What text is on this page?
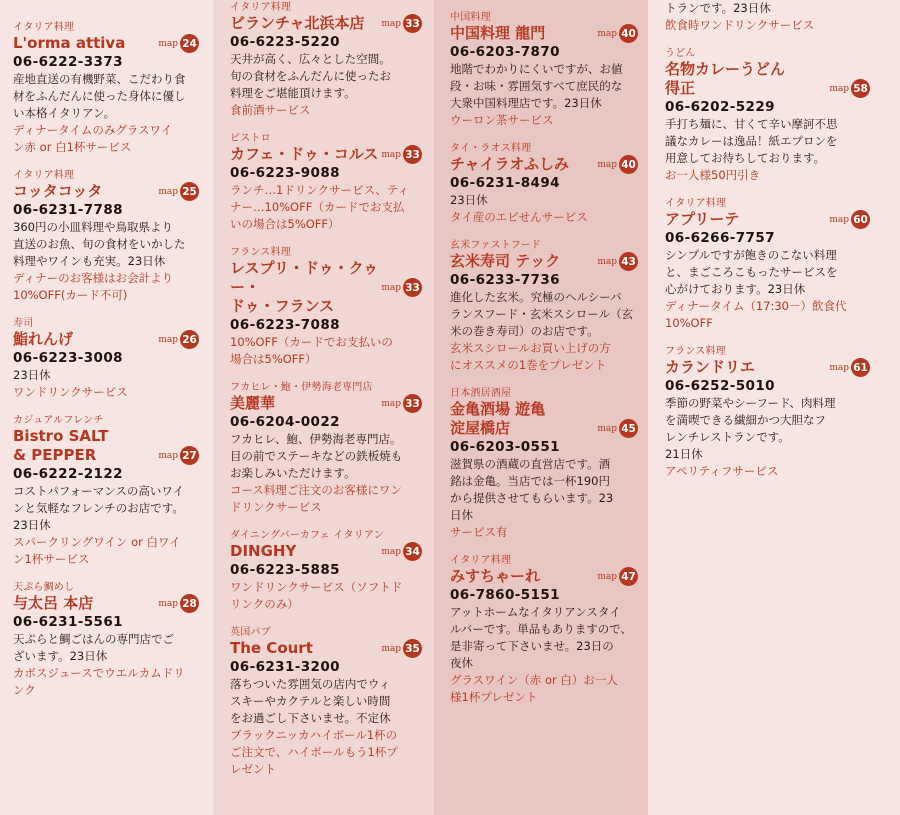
イタリア料理
L'orma attiva	map 24
06-6222-3373
産地直送の有機野菜、こだわり食
材をふんだんに使った身体に優し
い本格イタリアン。
ディナータイムのみグラスワイ
ン赤 or 白1杯サービス
イタリア料理
コッタコッタ	map 25
06-6231-7788
360円の小皿料理や鳥取県より
直送のお魚、旬の食材をいかした
料理やワインも充実。23日休
ディナーのお客様はお会計より
10%OFF(カード不可)
寿司
鮨れんげ	map 26
06-6223-3008
23日休
ワンドリンクサービス
カジュアルフレンチ
Bistro SALT
& PEPPER	map 27
06-6222-2122
コストパフォーマンスの高いワイ
ンと気軽なフレンチのお店です。
23日休
スパークリングワイン or 白ワイ
ン1杯サービス
天ぷら鯛めし
与太呂 本店	map 28
06-6231-5561
天ぷらと鯛ごはんの専門店でご
ざいます。23日休
カボスジュースでウエルカムドリ
ンク
イタリア料理
ビランチャ北浜本店	map 33
06-6223-5220
天井が高く、広々とした空間。
旬の食材をふんだんに使ったお
料理をご堪能頂けます。
食前酒サービス
ビストロ
カフェ・ドゥ・コルス map 33
06-6223-9088
ランチ…1ドリンクサービス、ティ
ナー…10%OFF（カードでお支払
いの場合は5%OFF）
フランス料理
レスプリ・ドゥ・クゥー・
ドゥ・フランス
map 33
06-6223-7088
10%OFF（カードでお支払いの
場合は5%OFF）
フカヒレ・鮑・伊勢海老専門店
美麗華	map 33
06-6204-0022
フカヒレ、鮑、伊勢海老専門店。
目の前でステーキなどの鉄板焼も
お楽しみいただけます。
コース料理ご注文のお客様にワン
ドリンクサービス
ダイニングバーカフェ イタリアン
DINGHY	map 34
06-6223-5885
ワンドリンクサービス（ソフトド
リンクのみ）
英国パブ
The Court	map 35
06-6231-3200
落ちついた雰囲気の店内でウィ
スキーやカクテルと楽しい時間
をお過ごし下さいませ。不定休
ブラックニッカハイボール1杯の
ご注文で、ハイボールもう1杯プ
レゼント
中国料理
中国料理 龍門	map 40
06-6203-7870
地階でわかりにくいですが、お値
段・お味・雰囲気すべて庶民的な
大衆中国料理店です。23日休
ウーロン茶サービス
タイ・ラオス料理
チャイラオふしみ	map 40
06-6231-8494
23日休
タイ産のエビせんサービス
玄米ファストフード
玄米寿司 テック	map 43
06-6233-7736
進化した玄米。究極のヘルシーバ
ランスフード・玄米スシロール（玄
米の巻き寿司）のお店です。
玄米スシロールお買い上げの方
にオススメの1巻をプレゼント
日本酒居酒屋
金亀酒場 遊亀
淀屋橋店	map 45
06-6203-0551
滋賀県の酒蔵の直営店です。酒
銘は金亀。当店では一杯190円
から提供させてもらいます。23
日休
サービス有
イタリア料理
みすちゃーれ	map 47
06-7860-5151
アットホームなイタリアンスタイ
ルバーです。単品もありますので、
是非寄って下さいませ。23日の
夜休
グラスワイン（赤 or 白）お一人
様1杯プレゼント
トランです。23日休
飲食時ワンドリンクサービス
うどん
名物カレーうどん
得正	map 58
06-6202-5229
手打ち麺に、甘くて辛い摩訶不思
議なカレーは逸品！紙エプロンを
用意してお待ちしております。
お一人様50円引き
イタリア料理
アプリーテ	map 60
06-6266-7757
シンプルですが飽きのこない料理
と、まごころこもったサービスを
心がけております。23日休
ディナータイム（17:30－）飲食代
10%OFF
フランス料理
カランドリエ	map 61
06-6252-5010
季節の野菜やシーフード、肉料理
を満喫できる繊細かつ大胆なフ
レンチレストランです。
21日休
アペリティフサービス
